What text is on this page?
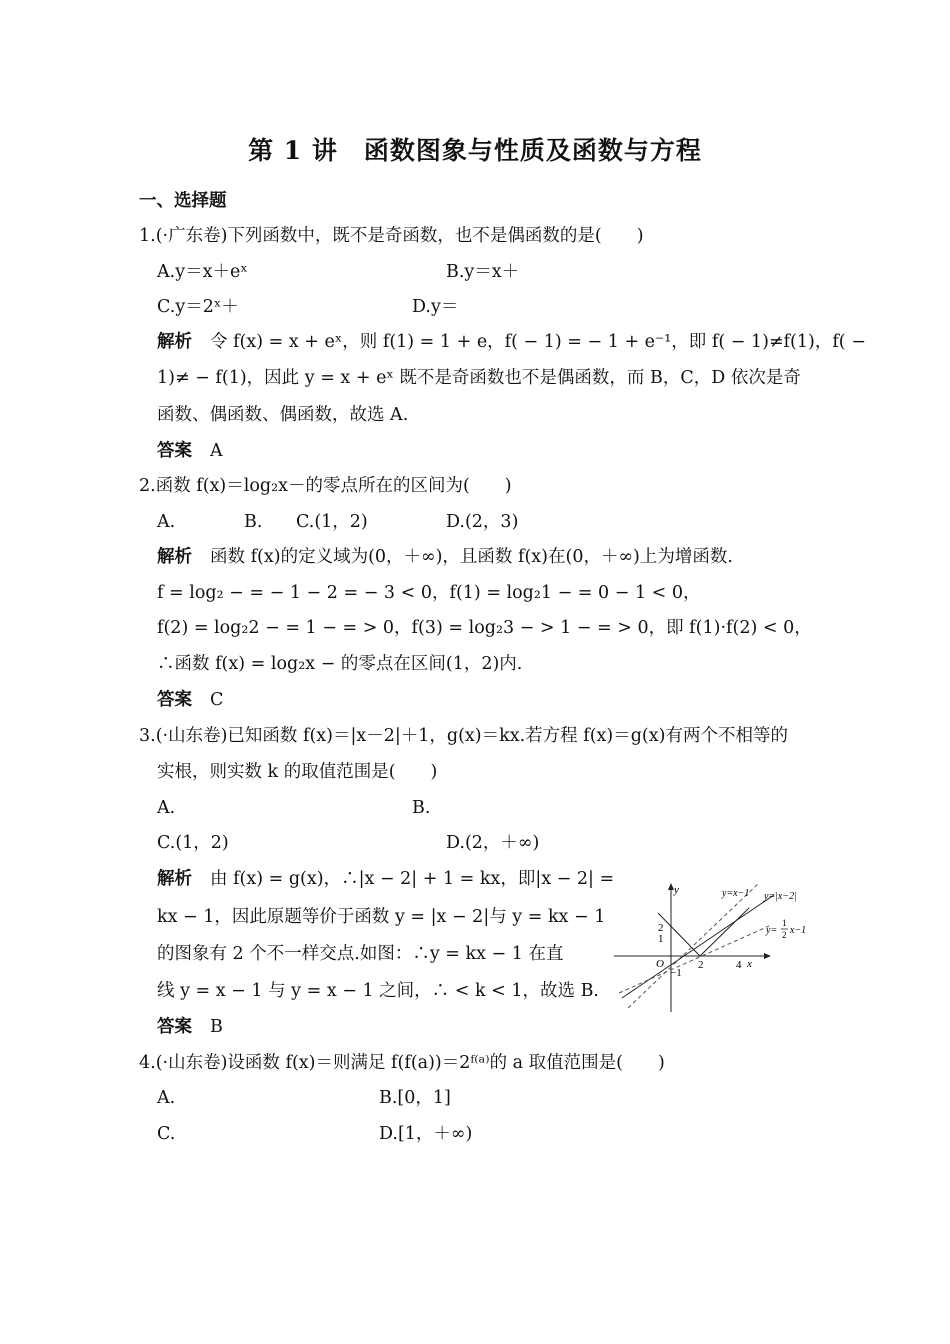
第 1 讲　函数图象与性质及函数与方程
一、选择题
1.(·广东卷)下列函数中，既不是奇函数，也不是偶函数的是(　　)
A.y＝x＋eˣ	B.y＝x＋
C.y＝2ˣ＋	D.y＝
解析 令 f(x) = x + eˣ，则 f(1) = 1 + e，f( − 1) = − 1 + e⁻¹，即 f( − 1)≠f(1)，f( −
1)≠ − f(1)，因此 y = x + eˣ 既不是奇函数也不是偶函数，而 B，C，D 依次是奇
函数、偶函数、偶函数，故选 A.
答案 A
2.函数 f(x)＝log₂x－的零点所在的区间为(　　)
A.	B. C.(1，2)	D.(2，3)
解析 函数 f(x)的定义域为(0，＋∞)，且函数 f(x)在(0，＋∞)上为增函数.
f = log₂ − = − 1 − 2 = − 3 < 0，f(1) = log₂1 − = 0 − 1 < 0，
f(2) = log₂2 − = 1 − = > 0，f(3) = log₂3 − > 1 − = > 0，即 f(1)·f(2) < 0，
∴函数 f(x) = log₂x − 的零点在区间(1，2)内.
答案 C
3.(·山东卷)已知函数 f(x)＝|x－2|＋1，g(x)＝kx.若方程 f(x)＝g(x)有两个不相等的
实根，则实数 k 的取值范围是(　　)
A.	B.
C.(1，2)	D.(2，＋∞)
解析 由 f(x) = g(x)，∴|x − 2| + 1 = kx，即|x − 2| =
kx − 1，因此原题等价于函数 y = |x − 2|与 y = kx − 1
的图象有 2 个不一样交点.如图：∴y = kx − 1 在直
线 y = x − 1 与 y = x − 1 之间，∴ < k < 1，故选 B.
答案 B
y
x
O	2	4
2
1
−1
y=x−1 y=|x−2|
y=
1
2 x−1
4.(·山东卷)设函数 f(x)＝则满足 f(f(a))＝2ᶠ⁽ᵃ⁾的 a 取值范围是(　　)
A.	B.[0，1]
C.	D.[1，＋∞)
